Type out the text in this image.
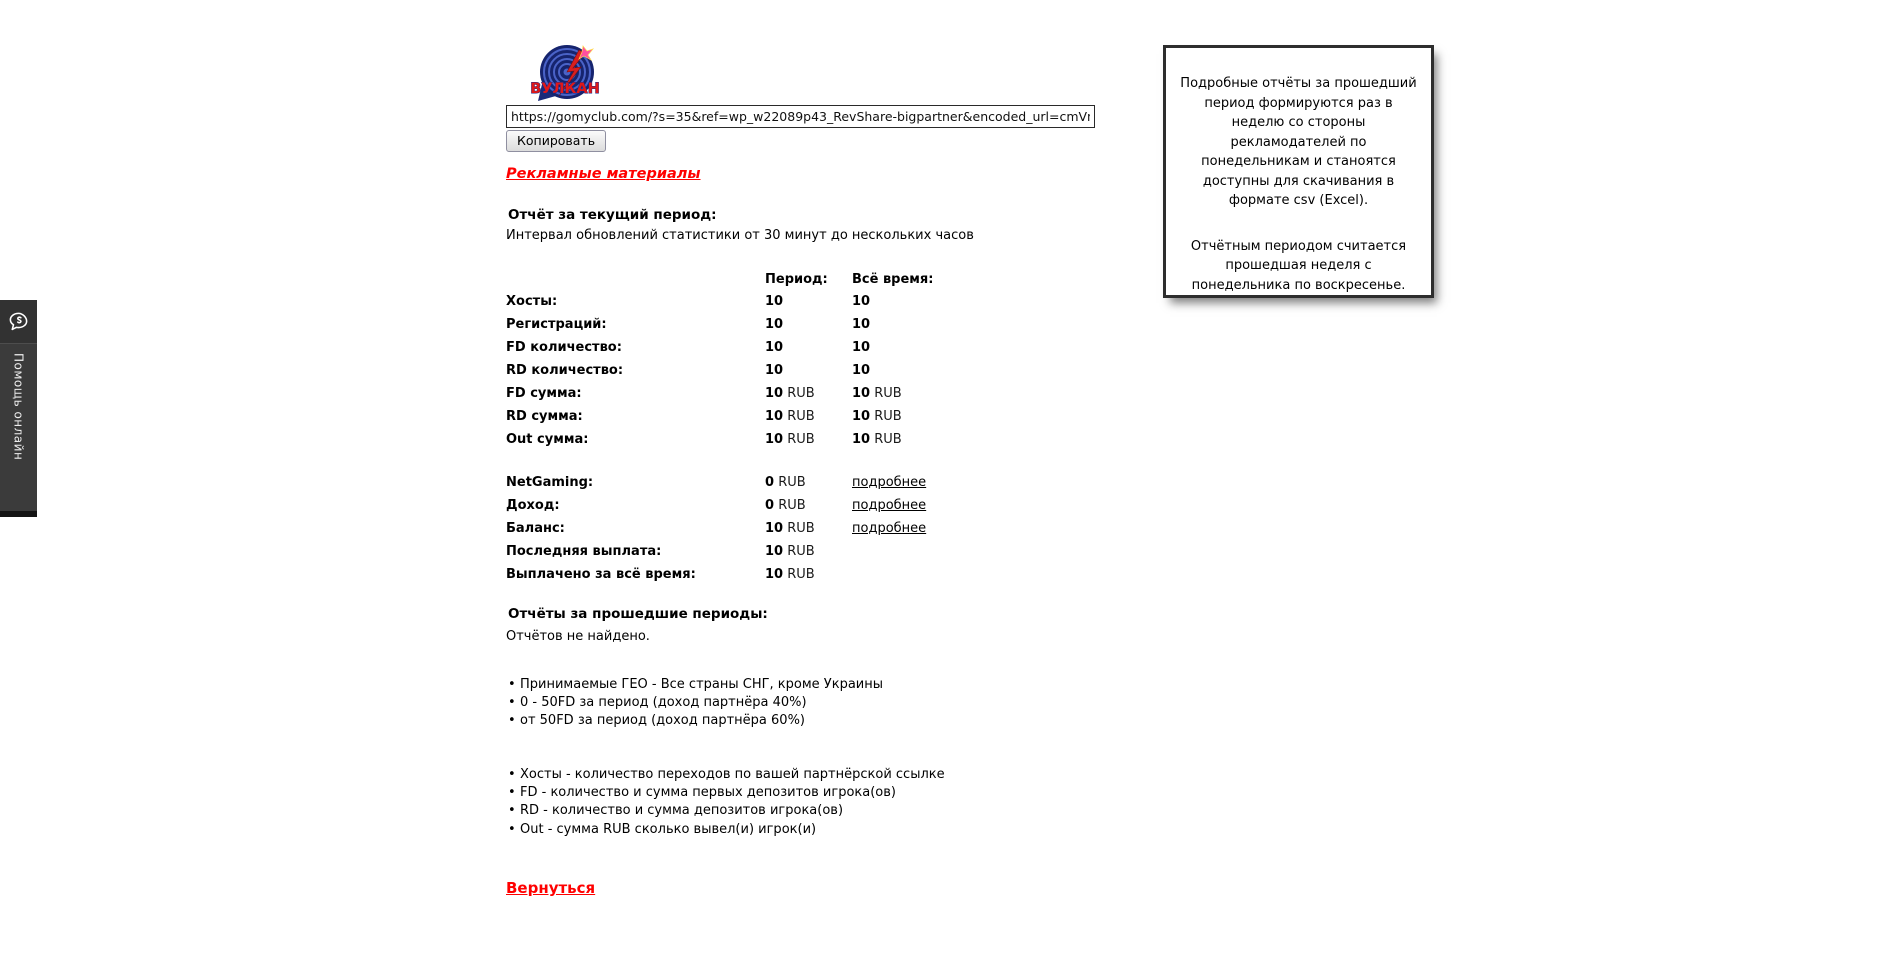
Помощь онлайн
ВУЛКАН
https://gomyclub.com/?s=35&ref=wp_w22089p43_RevShare-bigpartner&encoded_url=cmVnaXN
Копировать
Рекламные материалы
Отчёт за текущий период:
Интервал обновлений статистики от 30 минут до нескольких часов
	Период:	Всё время:
Хосты:	10	10
Регистраций:	10	10
FD количество:	10	10
RD количество:	10	10
FD сумма:	10 RUB	10 RUB
RD сумма:	10 RUB	10 RUB
Out сумма:	10 RUB	10 RUB
NetGaming:	0 RUB	подробнее
Доход:	0 RUB	подробнее
Баланс:	10 RUB	подробнее
Последняя выплата:	10 RUB	
Выплачено за всё время:	10 RUB	
Отчёты за прошедшие периоды:
Отчётов не найдено.
• Принимаемые ГЕО - Все страны СНГ, кроме Украины
• 0 - 50FD за период (доход партнёра 40%)
• от 50FD за период (доход партнёра 60%)
• Хосты - количество переходов по вашей партнёрской ссылке
• FD - количество и сумма первых депозитов игрока(ов)
• RD - количество и сумма депозитов игрока(ов)
• Out - сумма RUB сколько вывел(и) игрок(и)
Вернуться

Подробные отчёты за прошедший период формируются раз в неделю со стороны рекламодателей по понедельникам и станоятся доступны для скачивания в формате csv (Excel).

Отчётным периодом считается прошедшая неделя с понедельника по воскресенье.
